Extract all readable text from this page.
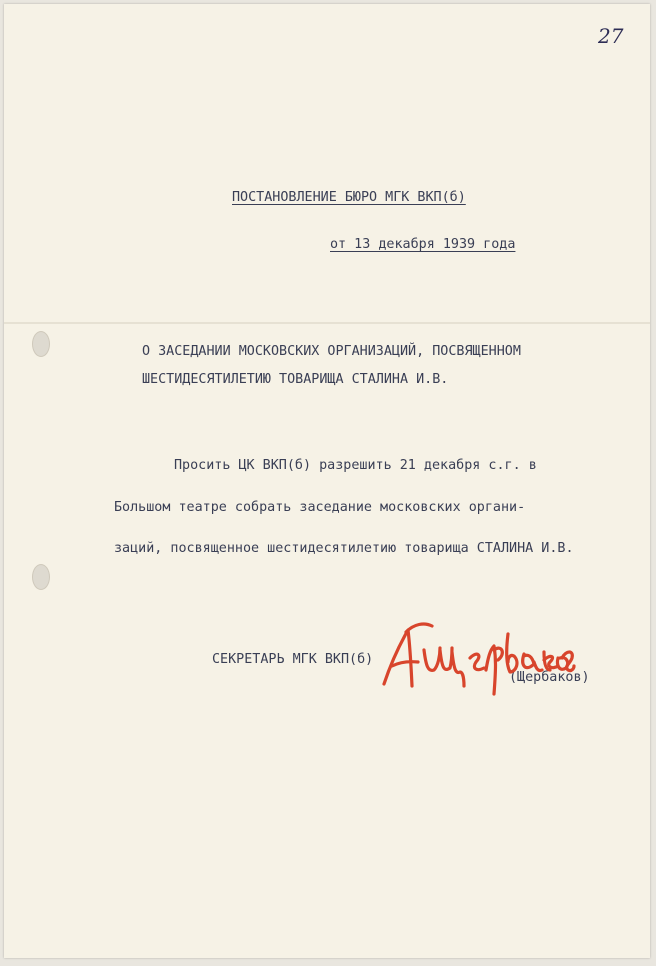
27

ПОСТАНОВЛЕНИЕ БЮРО МГК ВКП(б)

от 13 декабря 1939 года

О ЗАСЕДАНИИ МОСКОВСКИХ ОРГАНИЗАЦИЙ, ПОСВЯЩЕННОМ

ШЕСТИДЕСЯТИЛЕТИЮ ТОВАРИЩА СТАЛИНА И.В.

Просить ЦК ВКП(б) разрешить 21 декабря с.г. в

Большом театре собрать заседание московских органи-

заций, посвященное шестидесятилетию товарища СТАЛИНА И.В.

СЕКРЕТАРЬ МГК ВКП(б)

(Щербаков)
